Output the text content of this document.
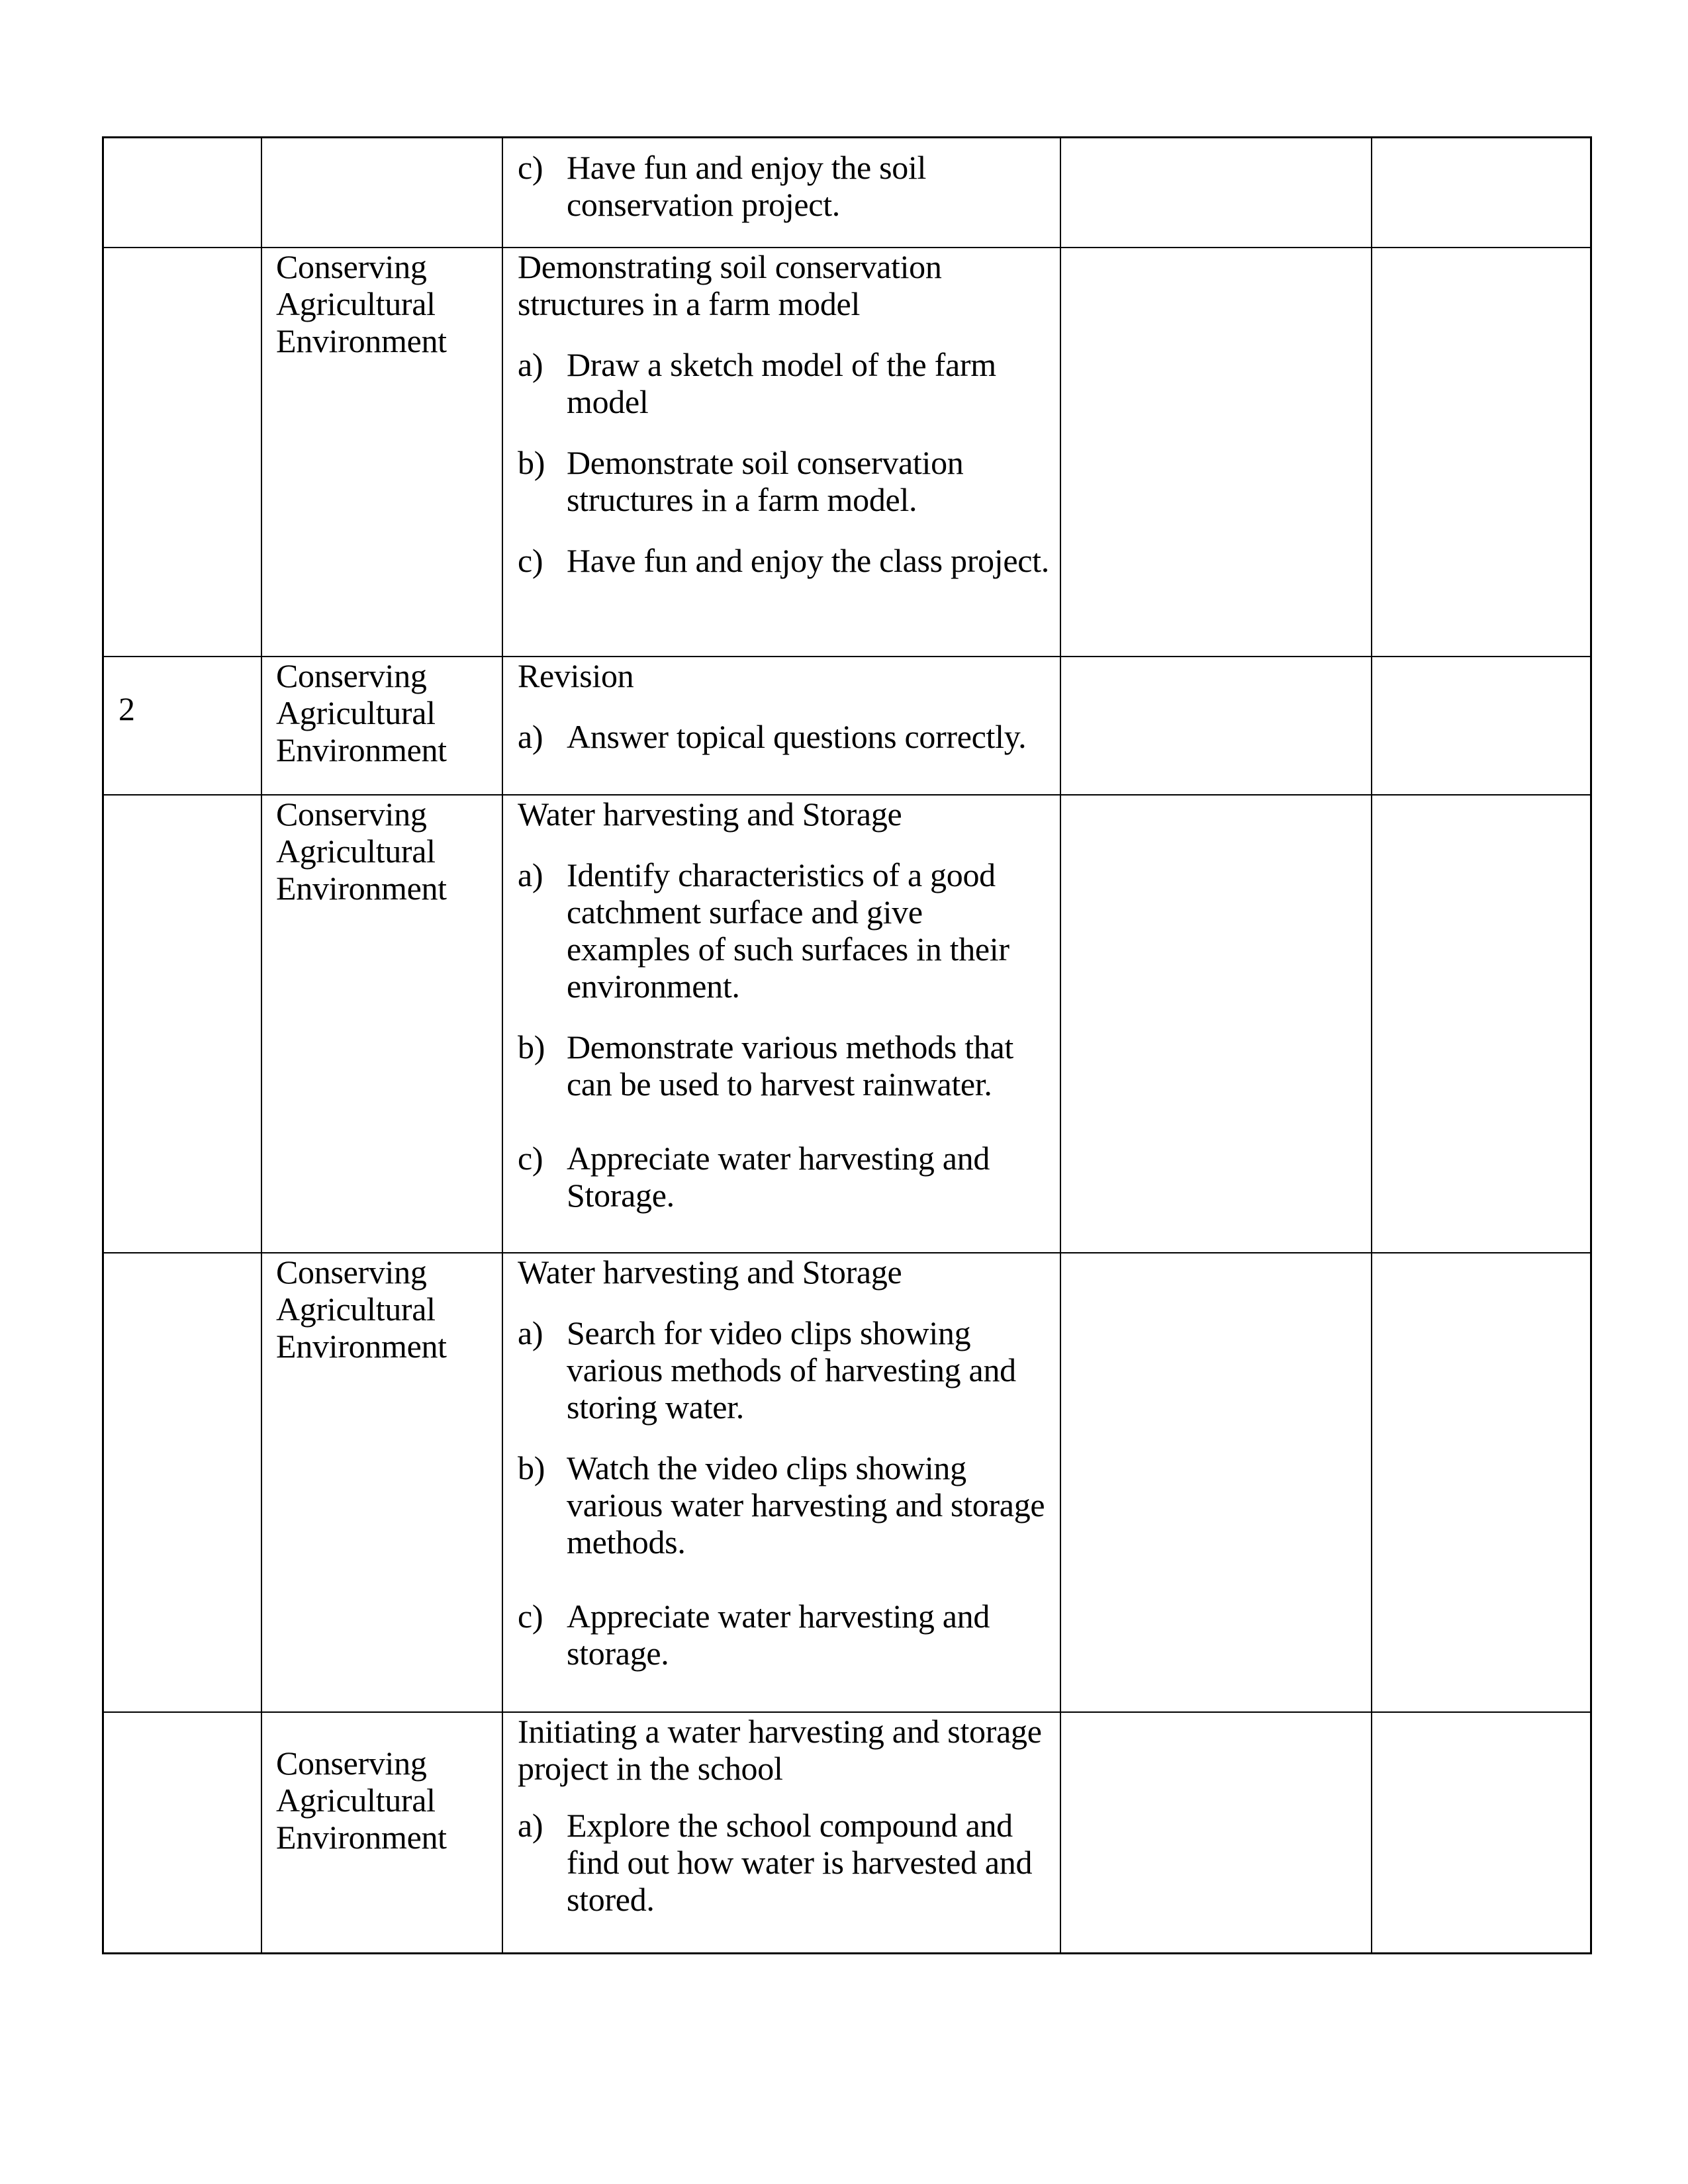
c) Have fun and enjoy the soil conservation project.
Conserving Agricultural Environment
Demonstrating soil conservation structures in a farm model
a) Draw a sketch model of the farm model
b) Demonstrate soil conservation structures in a farm model.
c) Have fun and enjoy the class project.
2
Conserving Agricultural Environment
Revision
a) Answer topical questions correctly.
Conserving Agricultural Environment
Water harvesting and Storage
a) Identify characteristics of a good catchment surface and give examples of such surfaces in their environment.
b) Demonstrate various methods that can be used to harvest rainwater.
c) Appreciate water harvesting and Storage.
Conserving Agricultural Environment
Water harvesting and Storage
a) Search for video clips showing various methods of harvesting and storing water.
b) Watch the video clips showing various water harvesting and storage methods.
c) Appreciate water harvesting and storage.
Conserving Agricultural Environment
Initiating a water harvesting and storage project in the school
a) Explore the school compound and find out how water is harvested and stored.
